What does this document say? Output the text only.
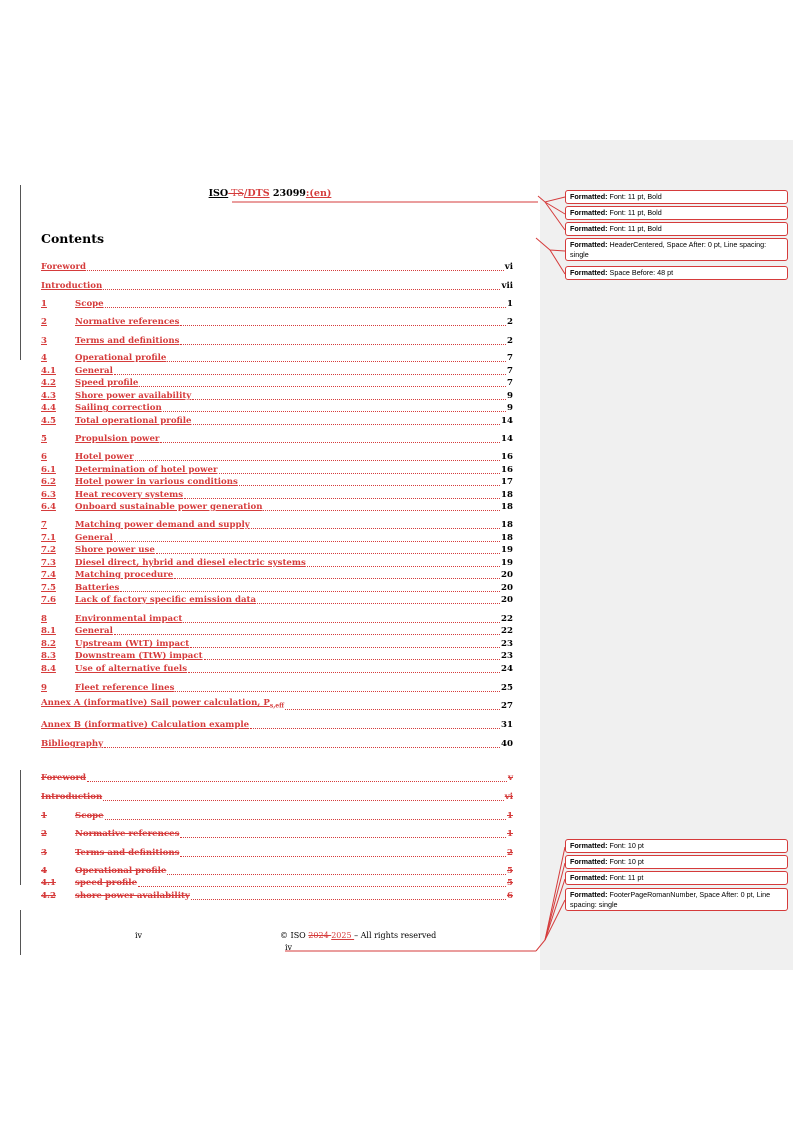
ISO-TS/DTS 23099:(en)
Contents
Foreword	vi
Introduction	vii
1	Scope	1
2	Normative references	2
3	Terms and definitions	2
4	Operational profile	7
4.1	General	7
4.2	Speed profile	7
4.3	Shore power availability	9
4.4	Sailing correction	9
4.5	Total operational profile	14
5	Propulsion power	14
6	Hotel power	16
6.1	Determination of hotel power	16
6.2	Hotel power in various conditions	17
6.3	Heat recovery systems	18
6.4	Onboard sustainable power generation	18
7	Matching power demand and supply	18
7.1	General	18
7.2	Shore power use	19
7.3	Diesel direct, hybrid and diesel electric systems	19
7.4	Matching procedure	20
7.5	Batteries	20
7.6	Lack of factory specific emission data	20
8	Environmental impact	22
8.1	General	22
8.2	Upstream (WtT) impact	23
8.3	Downstream (TtW) impact	23
8.4	Use of alternative fuels	24
9	Fleet reference lines	25
Annex A (informative) Sail power calculation, $P_{s,eff}$	27
Annex B (informative) Calculation example	31
Bibliography	40
Foreword	v
Introduction	vi
1	Scope	1
2	Normative references	1
3	Terms and definitions	2
4	Operational profile	5
4.1	speed profile	5
4.2	shore power availability	6
iv	© ISO 2024 2025 – All rights reserved
iv
Formatted: Font: 11 pt, Bold
Formatted: Font: 11 pt, Bold
Formatted: Font: 11 pt, Bold
Formatted: HeaderCentered, Space After: 0 pt, Line spacing: single
Formatted: Space Before: 48 pt
Formatted: Font: 10 pt
Formatted: Font: 10 pt
Formatted: Font: 11 pt
Formatted: FooterPageRomanNumber, Space After: 0 pt, Line spacing: single
